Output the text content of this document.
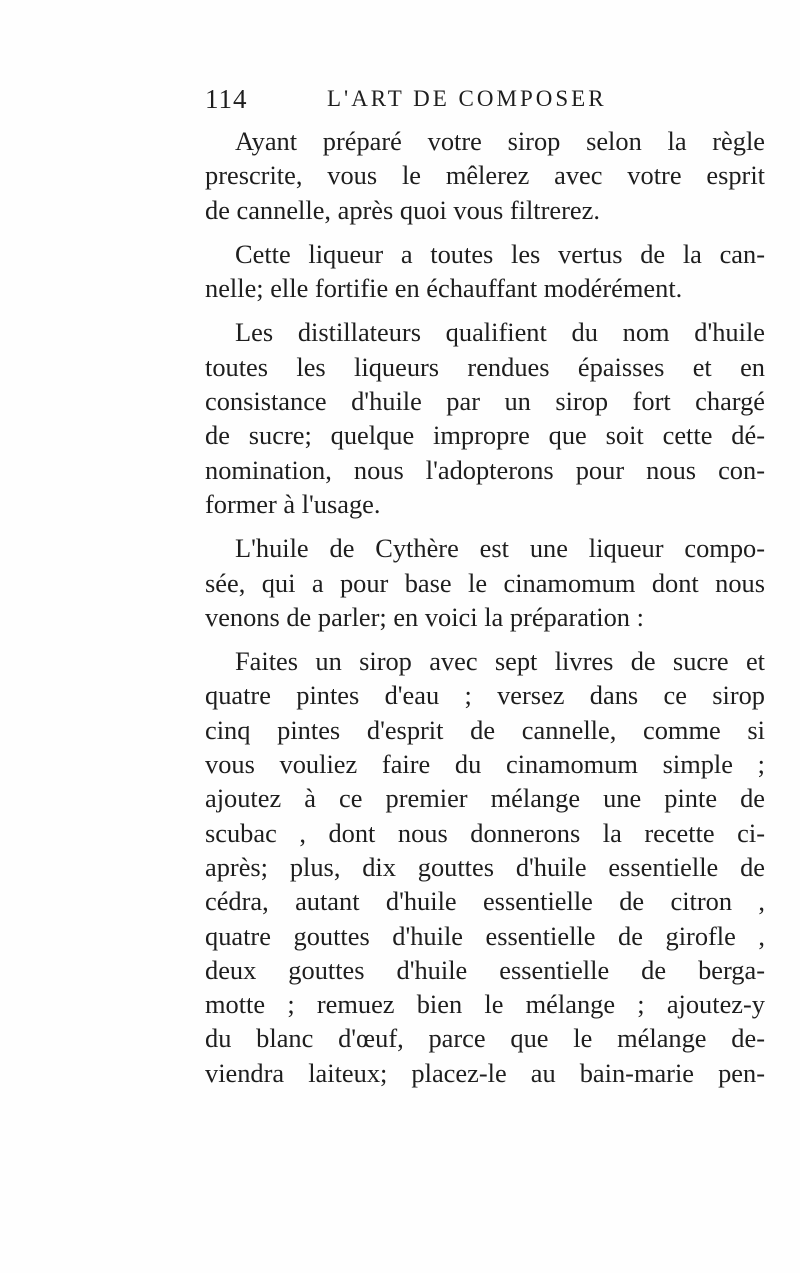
114	L'ART DE COMPOSER

Ayant préparé votre sirop selon la règle
prescrite, vous le mêlerez avec votre esprit
de cannelle, après quoi vous filtrerez.

Cette liqueur a toutes les vertus de la can-
nelle; elle fortifie en échauffant modérément.

Les distillateurs qualifient du nom d'huile
toutes les liqueurs rendues épaisses et en
consistance d'huile par un sirop fort chargé
de sucre; quelque impropre que soit cette dé-
nomination, nous l'adopterons pour nous con-
former à l'usage.

L'huile de Cythère est une liqueur compo-
sée, qui a pour base le cinamomum dont nous
venons de parler; en voici la préparation :

Faites un sirop avec sept livres de sucre et
quatre pintes d'eau ; versez dans ce sirop
cinq pintes d'esprit de cannelle, comme si
vous vouliez faire du cinamomum simple ;
ajoutez à ce premier mélange une pinte de
scubac , dont nous donnerons la recette ci-
après; plus, dix gouttes d'huile essentielle de
cédra, autant d'huile essentielle de citron ,
quatre gouttes d'huile essentielle de girofle ,
deux gouttes d'huile essentielle de berga-
motte ; remuez bien le mélange ; ajoutez-y
du blanc d'œuf, parce que le mélange de-
viendra laiteux; placez-le au bain-marie pen-
